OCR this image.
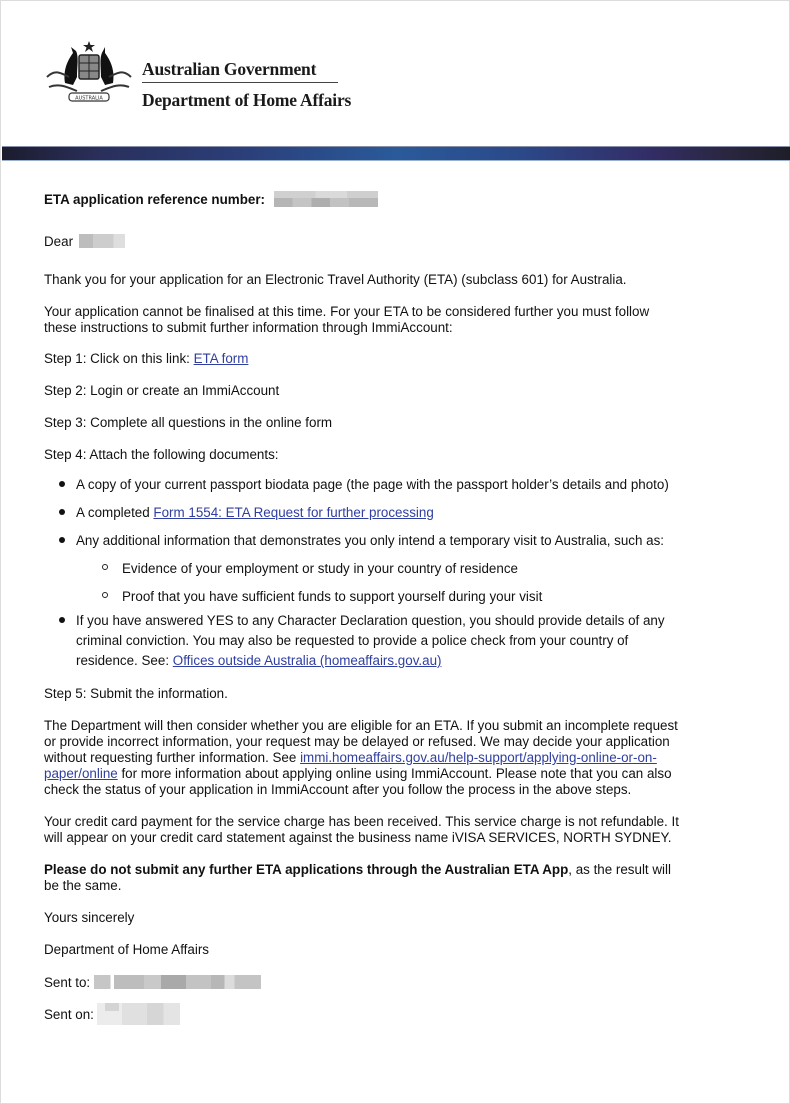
AUSTRALIA
Australian Government
Department of Home Affairs
ETA application reference number:
Dear
Thank you for your application for an Electronic Travel Authority (ETA) (subclass 601) for Australia.
Your application cannot be finalised at this time. For your ETA to be considered further you must follow
these instructions to submit further information through ImmiAccount:
Step 1: Click on this link: ETA form
Step 2: Login or create an ImmiAccount
Step 3: Complete all questions in the online form
Step 4: Attach the following documents:
A copy of your current passport biodata page (the page with the passport holder’s details and photo)
A completed Form 1554: ETA Request for further processing
Any additional information that demonstrates you only intend a temporary visit to Australia, such as:
Evidence of your employment or study in your country of residence
Proof that you have sufficient funds to support yourself during your visit
If you have answered YES to any Character Declaration question, you should provide details of any
criminal conviction. You may also be requested to provide a police check from your country of
residence. See: Offices outside Australia (homeaffairs.gov.au)
Step 5: Submit the information.
The Department will then consider whether you are eligible for an ETA. If you submit an incomplete request
or provide incorrect information, your request may be delayed or refused. We may decide your application
without requesting further information. See immi.homeaffairs.gov.au/help-support/applying-online-or-on-
paper/online for more information about applying online using ImmiAccount. Please note that you can also
check the status of your application in ImmiAccount after you follow the process in the above steps.
Your credit card payment for the service charge has been received. This service charge is not refundable. It
will appear on your credit card statement against the business name iVISA SERVICES, NORTH SYDNEY.
Please do not submit any further ETA applications through the Australian ETA App, as the result will
be the same.
Yours sincerely
Department of Home Affairs
Sent to:
Sent on:
